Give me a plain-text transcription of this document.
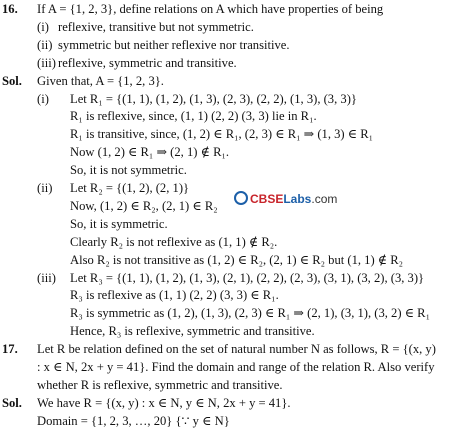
Domain = {1, 2, 3, …, 20} {∵ y ∈ N}
Sol. We have R = {(x, y) : x ∈ N, y ∈ N, 2x + y = 41}.
whether R is reflexive, symmetric and transitive.
: x ∈ N, 2x + y = 41}. Find the domain and range of the relation R. Also verify
17. Let R be relation defined on the set of natural number N as follows, R = {(x, y)
Hence, R₃ is reflexive, symmetric and transitive.
R₃ is symmetric as (1, 2), (1, 3), (2, 3) ∈ R₁ ⇒ (2, 1), (3, 1), (3, 2) ∈ R₁
R₃ is reflexive as (1, 1) (2, 2) (3, 3) ∈ R₁.
(iii) Let R₃ = {(1, 1), (1, 2), (1, 3), (2, 1), (2, 2), (2, 3), (3, 1), (3, 2), (3, 3)}
Also R₂ is not transitive as (1, 2) ∈ R₂, (2, 1) ∈ R₂ but (1, 1) ∉ R₂
Clearly R₂ is not reflexive as (1, 1) ∉ R₂.
So, it is symmetric.
Now, (1, 2) ∈ R₂, (2, 1) ∈ R₂
(ii) Let R₂ = {(1, 2), (2, 1)}
So, it is not symmetric.
Now (1, 2) ∈ R₁ ⇒ (2, 1) ∉ R₁.
R₁ is transitive, since, (1, 2) ∈ R₁, (2, 3) ∈ R₁ ⇒ (1, 3) ∈ R₁
R₁ is reflexive, since, (1, 1) (2, 2) (3, 3) lie in R₁.
(i) Let R₁ = {(1, 1), (1, 2), (1, 3), (2, 3), (2, 2), (1, 3), (3, 3)}
Sol. Given that, A = {1, 2, 3}.
(iii) reflexive, symmetric and transitive.
(ii) symmetric but neither reflexive nor transitive.
(i) reflexive, transitive but not symmetric.
16. If A = {1, 2, 3}, define relations on A which have properties of being
CBSELabs.com
